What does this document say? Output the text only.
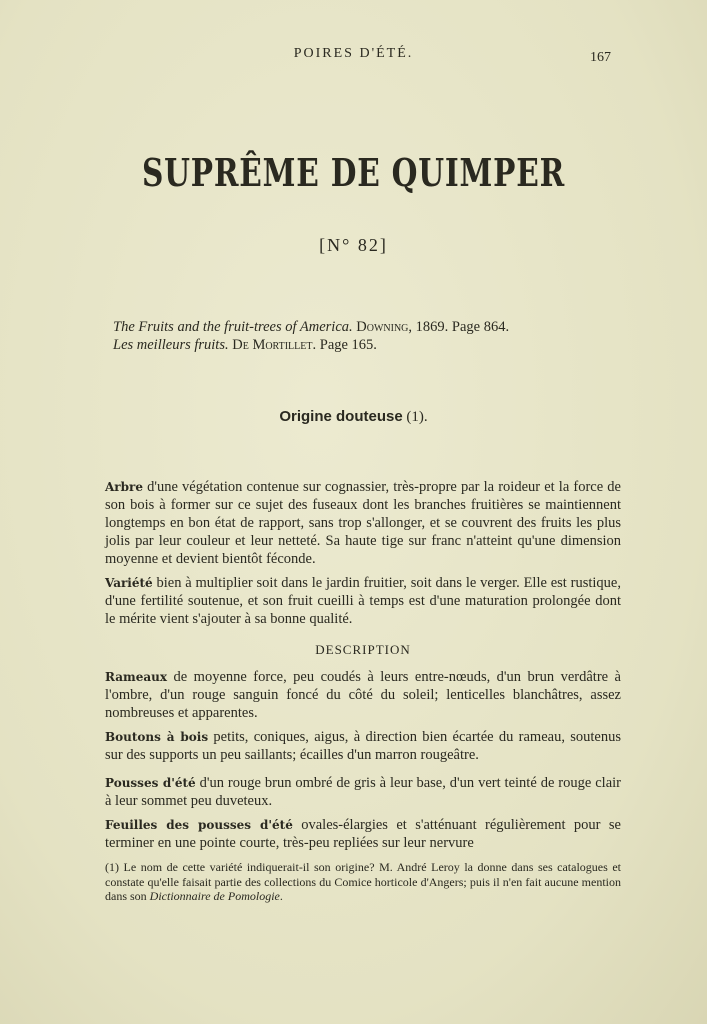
POIRES D'ÉTÉ.	167
SUPRÊME DE QUIMPER
[N° 82]
The Fruits and the fruit-trees of America. Downing, 1869. Page 864.
Les meilleurs fruits. De Mortillet. Page 165.
Origine douteuse (1).

Arbre d'une végétation contenue sur cognassier, très-propre par la roideur et la force de son bois à former sur ce sujet des fuseaux dont les branches fruitières se maintiennent longtemps en bon état de rapport, sans trop s'allonger, et se couvrent des fruits les plus jolis par leur couleur et leur netteté. Sa haute tige sur franc n'atteint qu'une dimension moyenne et devient bientôt féconde.

Variété bien à multiplier soit dans le jardin fruitier, soit dans le verger. Elle est rustique, d'une fertilité soutenue, et son fruit cueilli à temps est d'une maturation prolongée dont le mérite vient s'ajouter à sa bonne qualité.

DESCRIPTION

Rameaux de moyenne force, peu coudés à leurs entre-nœuds, d'un brun verdâtre à l'ombre, d'un rouge sanguin foncé du côté du soleil; lenticelles blanchâtres, assez nombreuses et apparentes.

Boutons à bois petits, coniques, aigus, à direction bien écartée du rameau, soutenus sur des supports un peu saillants; écailles d'un marron rougeâtre.

Pousses d'été d'un rouge brun ombré de gris à leur base, d'un vert teinté de rouge clair à leur sommet peu duveteux.

Feuilles des pousses d'été ovales-élargies et s'atténuant régulièrement pour se terminer en une pointe courte, très-peu repliées sur leur nervure

(1) Le nom de cette variété indiquerait-il son origine? M. André Leroy la donne dans ses catalogues et constate qu'elle faisait partie des collections du Comice horticole d'Angers; puis il n'en fait aucune mention dans son Dictionnaire de Pomologie.
